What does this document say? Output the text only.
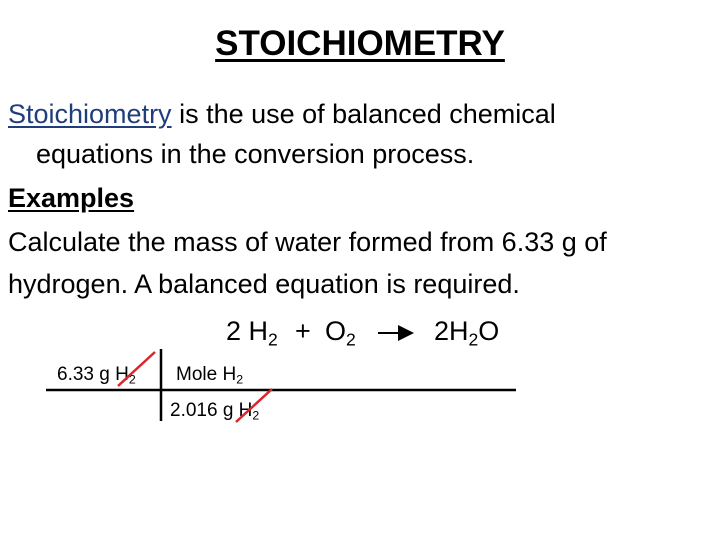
STOICHIOMETRY
Stoichiometry is the use of balanced chemical
equations in the conversion process.
Examples
Calculate the mass of water formed from 6.33 g of
hydrogen. A balanced equation is required.
2 $H_2 + O_2$	$2H_2O$
6.33 g $H_2$ Mole $H_2$
2.016 g $H_2$
